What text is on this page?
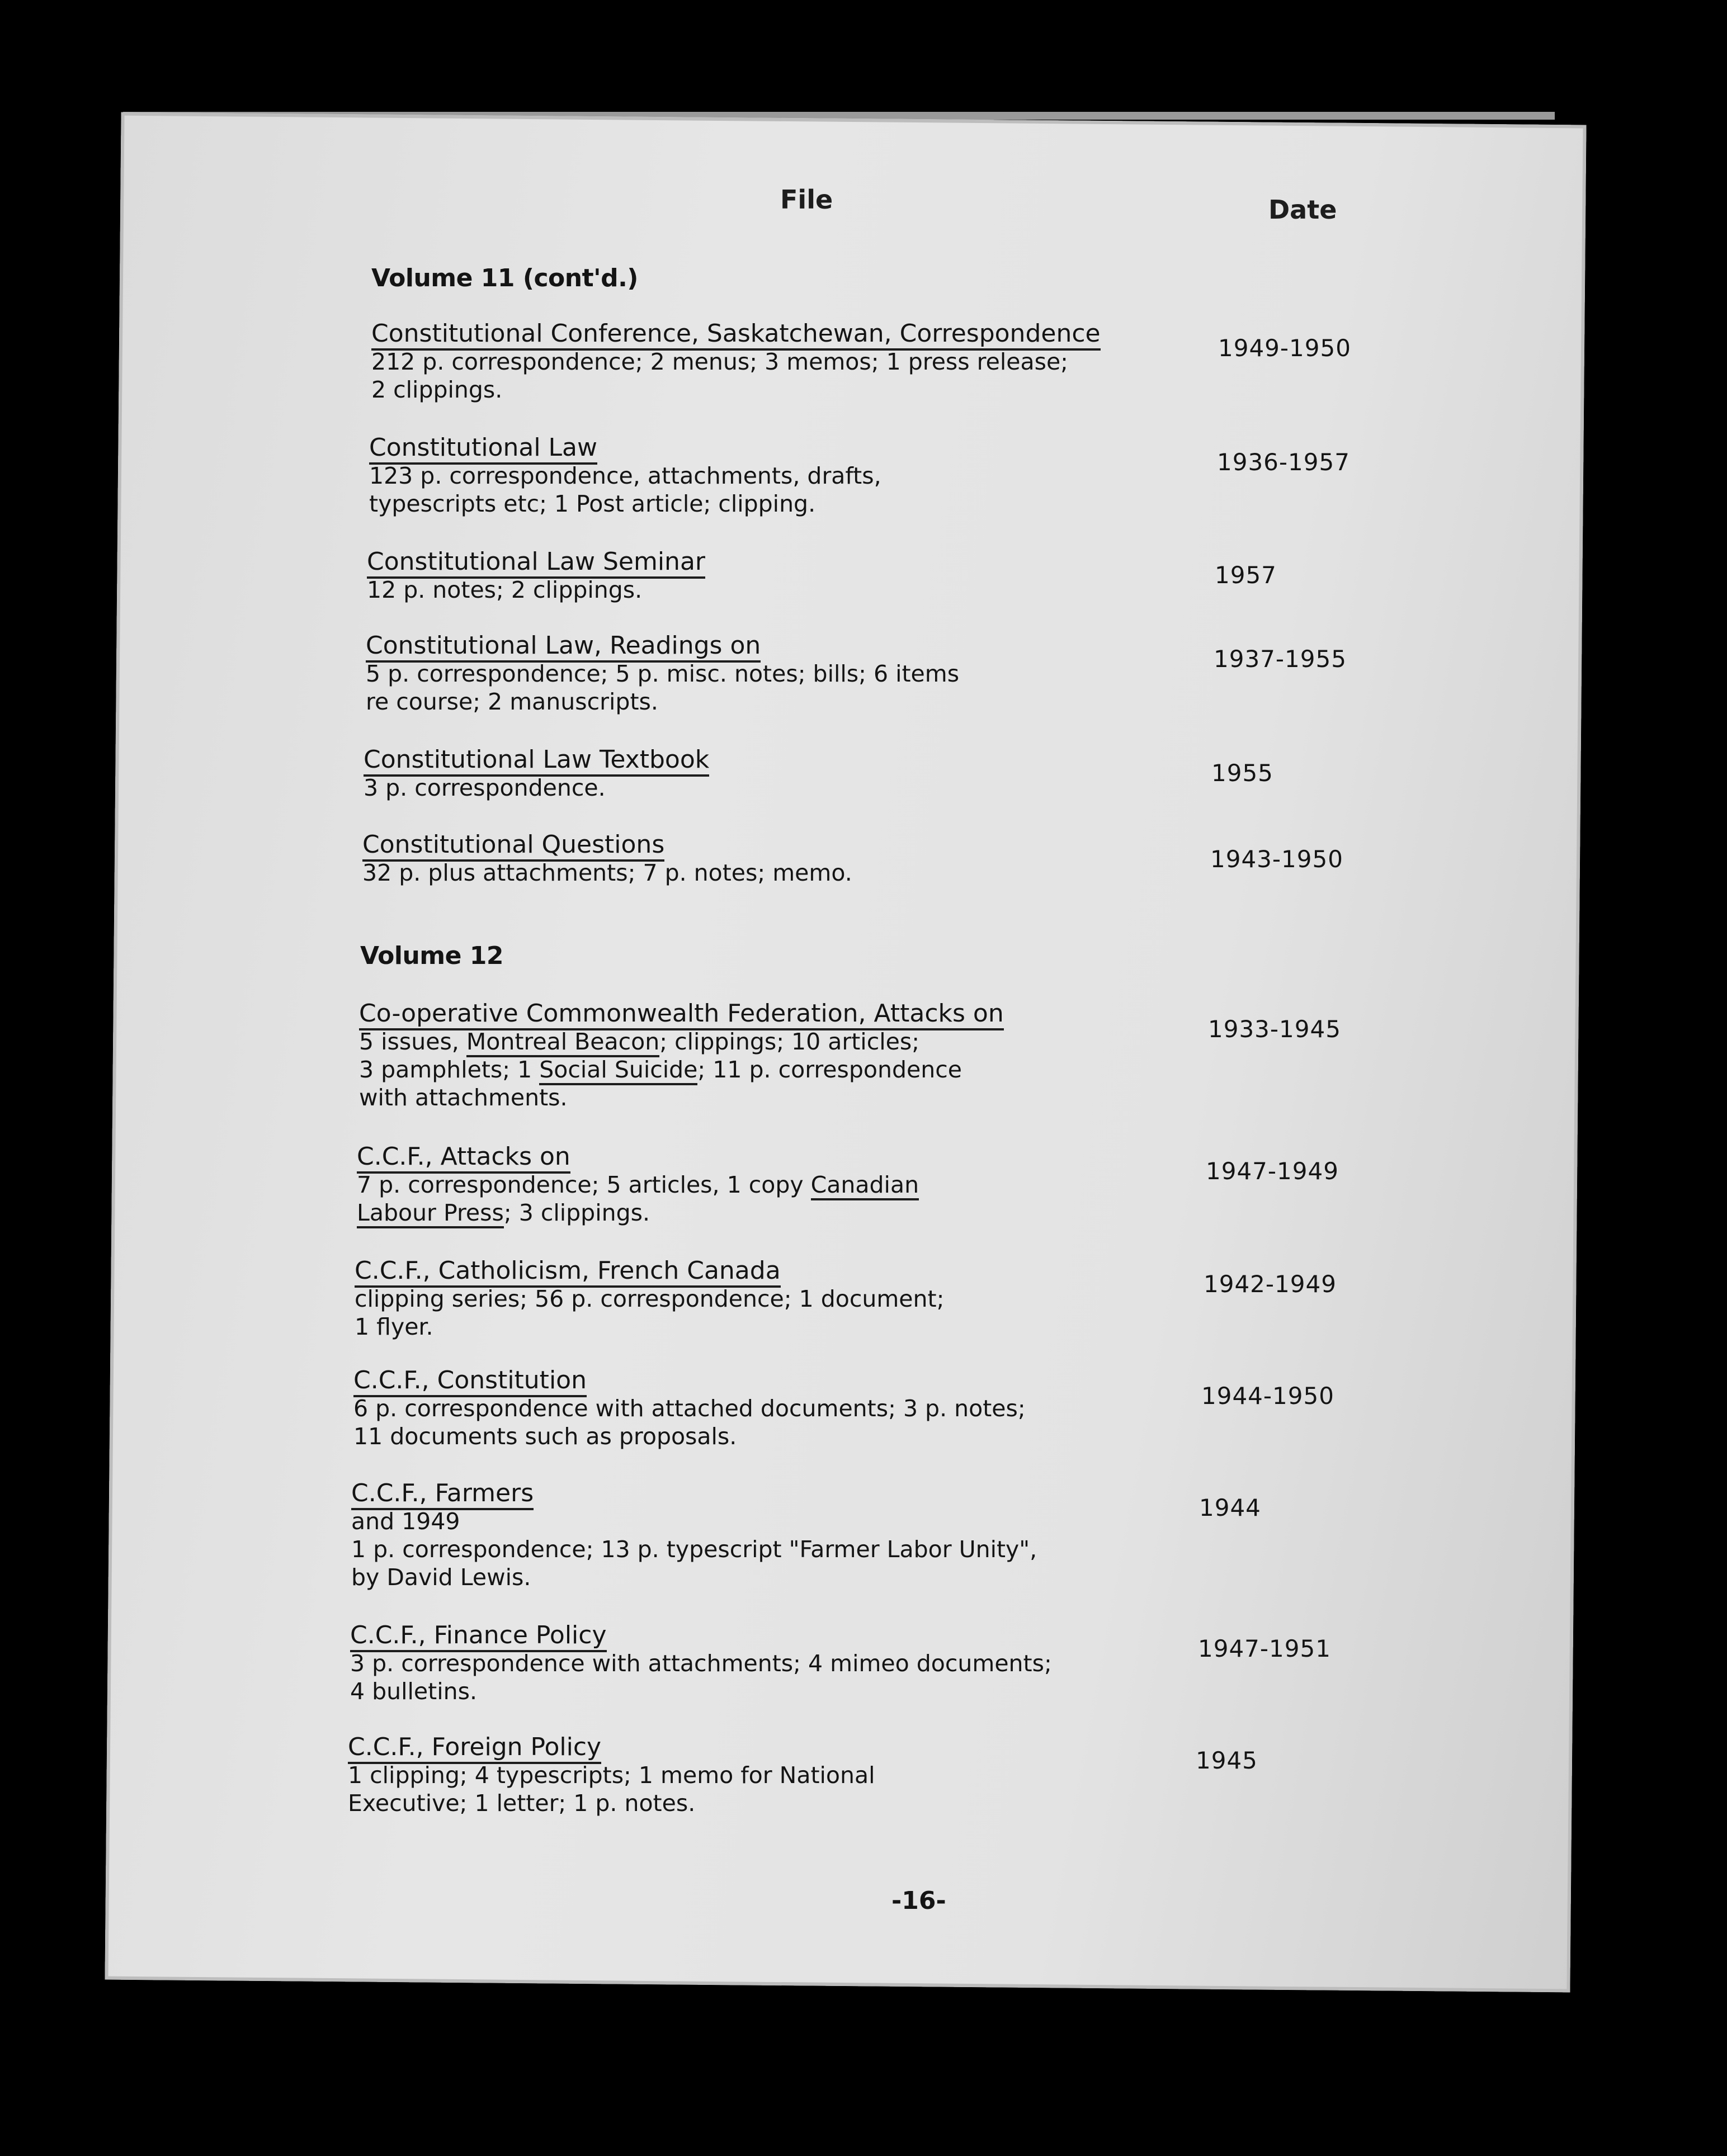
File	Date
Volume 11 (cont'd.)
Constitutional Conference, Saskatchewan, Correspondence
212 p. correspondence; 2 menus; 3 memos; 1 press release;
2 clippings.
1949-1950
Constitutional Law
123 p. correspondence, attachments, drafts,
typescripts etc; 1 Post article; clipping.
1936-1957
Constitutional Law Seminar
12 p. notes; 2 clippings.
1957
Constitutional Law, Readings on
5 p. correspondence; 5 p. misc. notes; bills; 6 items
re course; 2 manuscripts.
1937-1955
Constitutional Law Textbook
3 p. correspondence.
1955
Constitutional Questions
32 p. plus attachments; 7 p. notes; memo.	1943-1950
Volume 12
Co-operative Commonwealth Federation, Attacks on
5 issues, Montreal Beacon; clippings; 10 articles;
3 pamphlets; 1 Social Suicide; 11 p. correspondence
with attachments.
1933-1945
C.C.F., Attacks on
7 p. correspondence; 5 articles, 1 copy Canadian
Labour Press; 3 clippings.
1947-1949
C.C.F., Catholicism, French Canada
clipping series; 56 p. correspondence; 1 document;
1 flyer.
1942-1949
C.C.F., Constitution
6 p. correspondence with attached documents; 3 p. notes;
11 documents such as proposals.
1944-1950
C.C.F., Farmers
and 1949
1 p. correspondence; 13 p. typescript "Farmer Labor Unity",
by David Lewis.
1944
C.C.F., Finance Policy
3 p. correspondence with attachments; 4 mimeo documents;
4 bulletins.
1947-1951
C.C.F., Foreign Policy
1 clipping; 4 typescripts; 1 memo for National
Executive; 1 letter; 1 p. notes.
1945
-16-
